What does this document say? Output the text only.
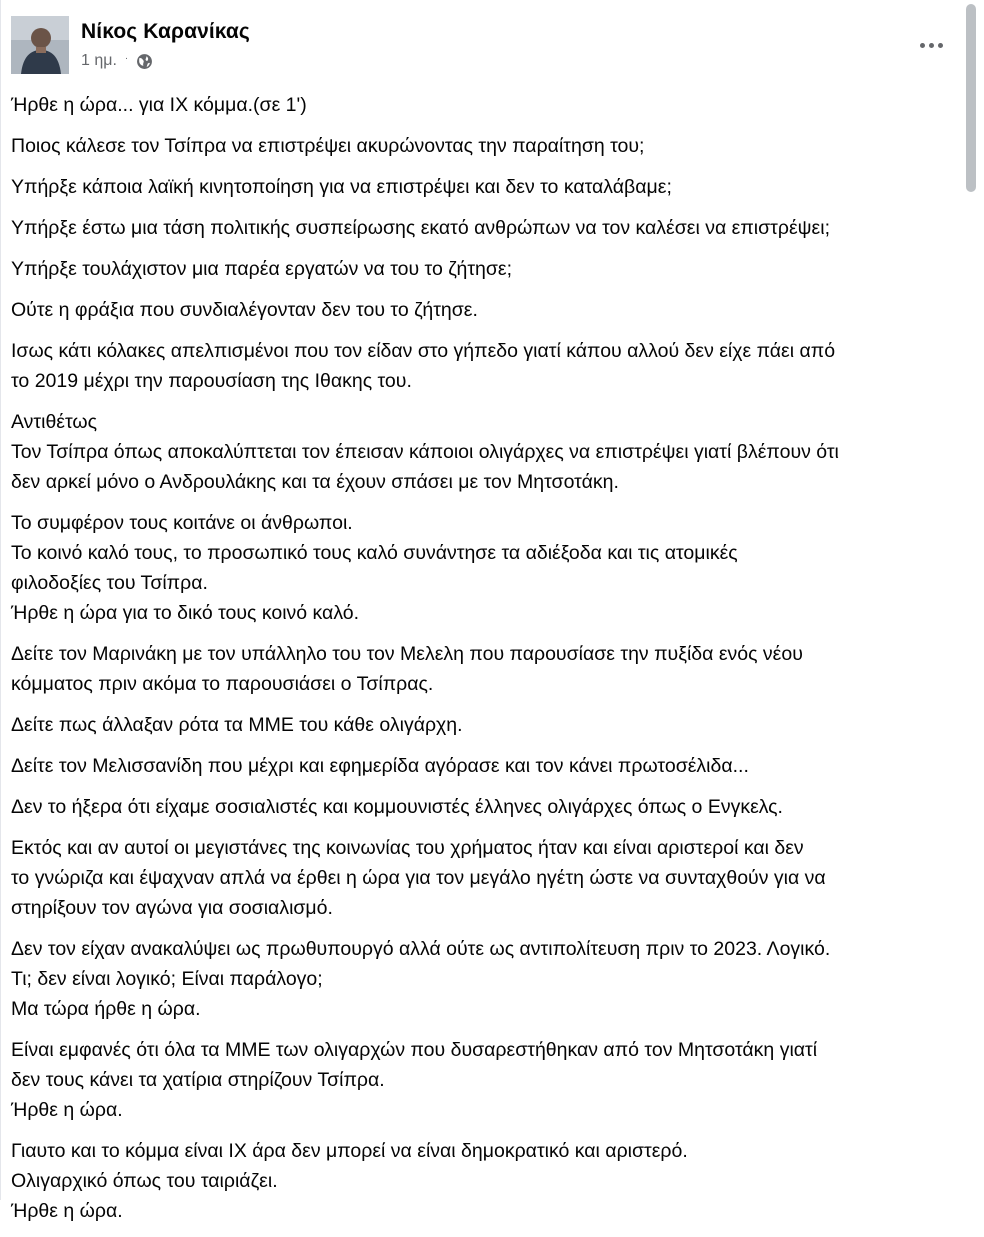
Νίκος Καρανίκας
1 ημ. ·
Ήρθε η ώρα... για ΙΧ κόμμα.(σε 1')
Ποιος κάλεσε τον Τσίπρα να επιστρέψει ακυρώνοντας την παραίτηση του;
Υπήρξε κάποια λαϊκή κινητοποίηση για να επιστρέψει και δεν το καταλάβαμε;
Υπήρξε έστω μια τάση πολιτικής συσπείρωσης εκατό ανθρώπων να τον καλέσει να επιστρέψει;
Υπήρξε τουλάχιστον μια παρέα εργατών να του το ζήτησε;
Ούτε η φράξια που συνδιαλέγονταν δεν του το ζήτησε.
Ισως κάτι κόλακες απελπισμένοι που τον είδαν στο γήπεδο γιατί κάπου αλλού δεν είχε πάει από
το 2019 μέχρι την παρουσίαση της Ιθακης του.
Αντιθέτως
Τον Τσίπρα όπως αποκαλύπτεται τον έπεισαν κάποιοι ολιγάρχες να επιστρέψει γιατί βλέπουν ότι
δεν αρκεί μόνο ο Ανδρουλάκης και τα έχουν σπάσει με τον Μητσοτάκη.
Το συμφέρον τους κοιτάνε οι άνθρωποι.
Το κοινό καλό τους, το προσωπικό τους καλό συνάντησε τα αδιέξοδα και τις ατομικές
φιλοδοξίες του Τσίπρα.
Ήρθε η ώρα για το δικό τους κοινό καλό.
Δείτε τον Μαρινάκη με τον υπάλληλο του τον Μελελη που παρουσίασε την πυξίδα ενός νέου
κόμματος πριν ακόμα το παρουσιάσει ο Τσίπρας.
Δείτε πως άλλαξαν ρότα τα ΜΜΕ του κάθε ολιγάρχη.
Δείτε τον Μελισσανίδη που μέχρι και εφημερίδα αγόρασε και τον κάνει πρωτοσέλιδα...
Δεν το ήξερα ότι είχαμε σοσιαλιστές και κομμουνιστές έλληνες ολιγάρχες όπως ο Ενγκελς.
Εκτός και αν αυτοί οι μεγιστάνες της κοινωνίας του χρήματος ήταν και είναι αριστεροί και δεν
το γνώριζα και έψαχναν απλά να έρθει η ώρα για τον μεγάλο ηγέτη ώστε να συνταχθούν για να
στηρίξουν τον αγώνα για σοσιαλισμό.
Δεν τον είχαν ανακαλύψει ως πρωθυπουργό αλλά ούτε ως αντιπολίτευση πριν το 2023. Λογικό.
Τι; δεν είναι λογικό; Είναι παράλογο;
Μα τώρα ήρθε η ώρα.
Είναι εμφανές ότι όλα τα ΜΜΕ των ολιγαρχών που δυσαρεστήθηκαν από τον Μητσοτάκη γιατί
δεν τους κάνει τα χατίρια στηρίζουν Τσίπρα.
Ήρθε η ώρα.
Γιαυτο και το κόμμα είναι ΙΧ άρα δεν μπορεί να είναι δημοκρατικό και αριστερό.
Ολιγαρχικό όπως του ταιριάζει.
Ήρθε η ώρα.
